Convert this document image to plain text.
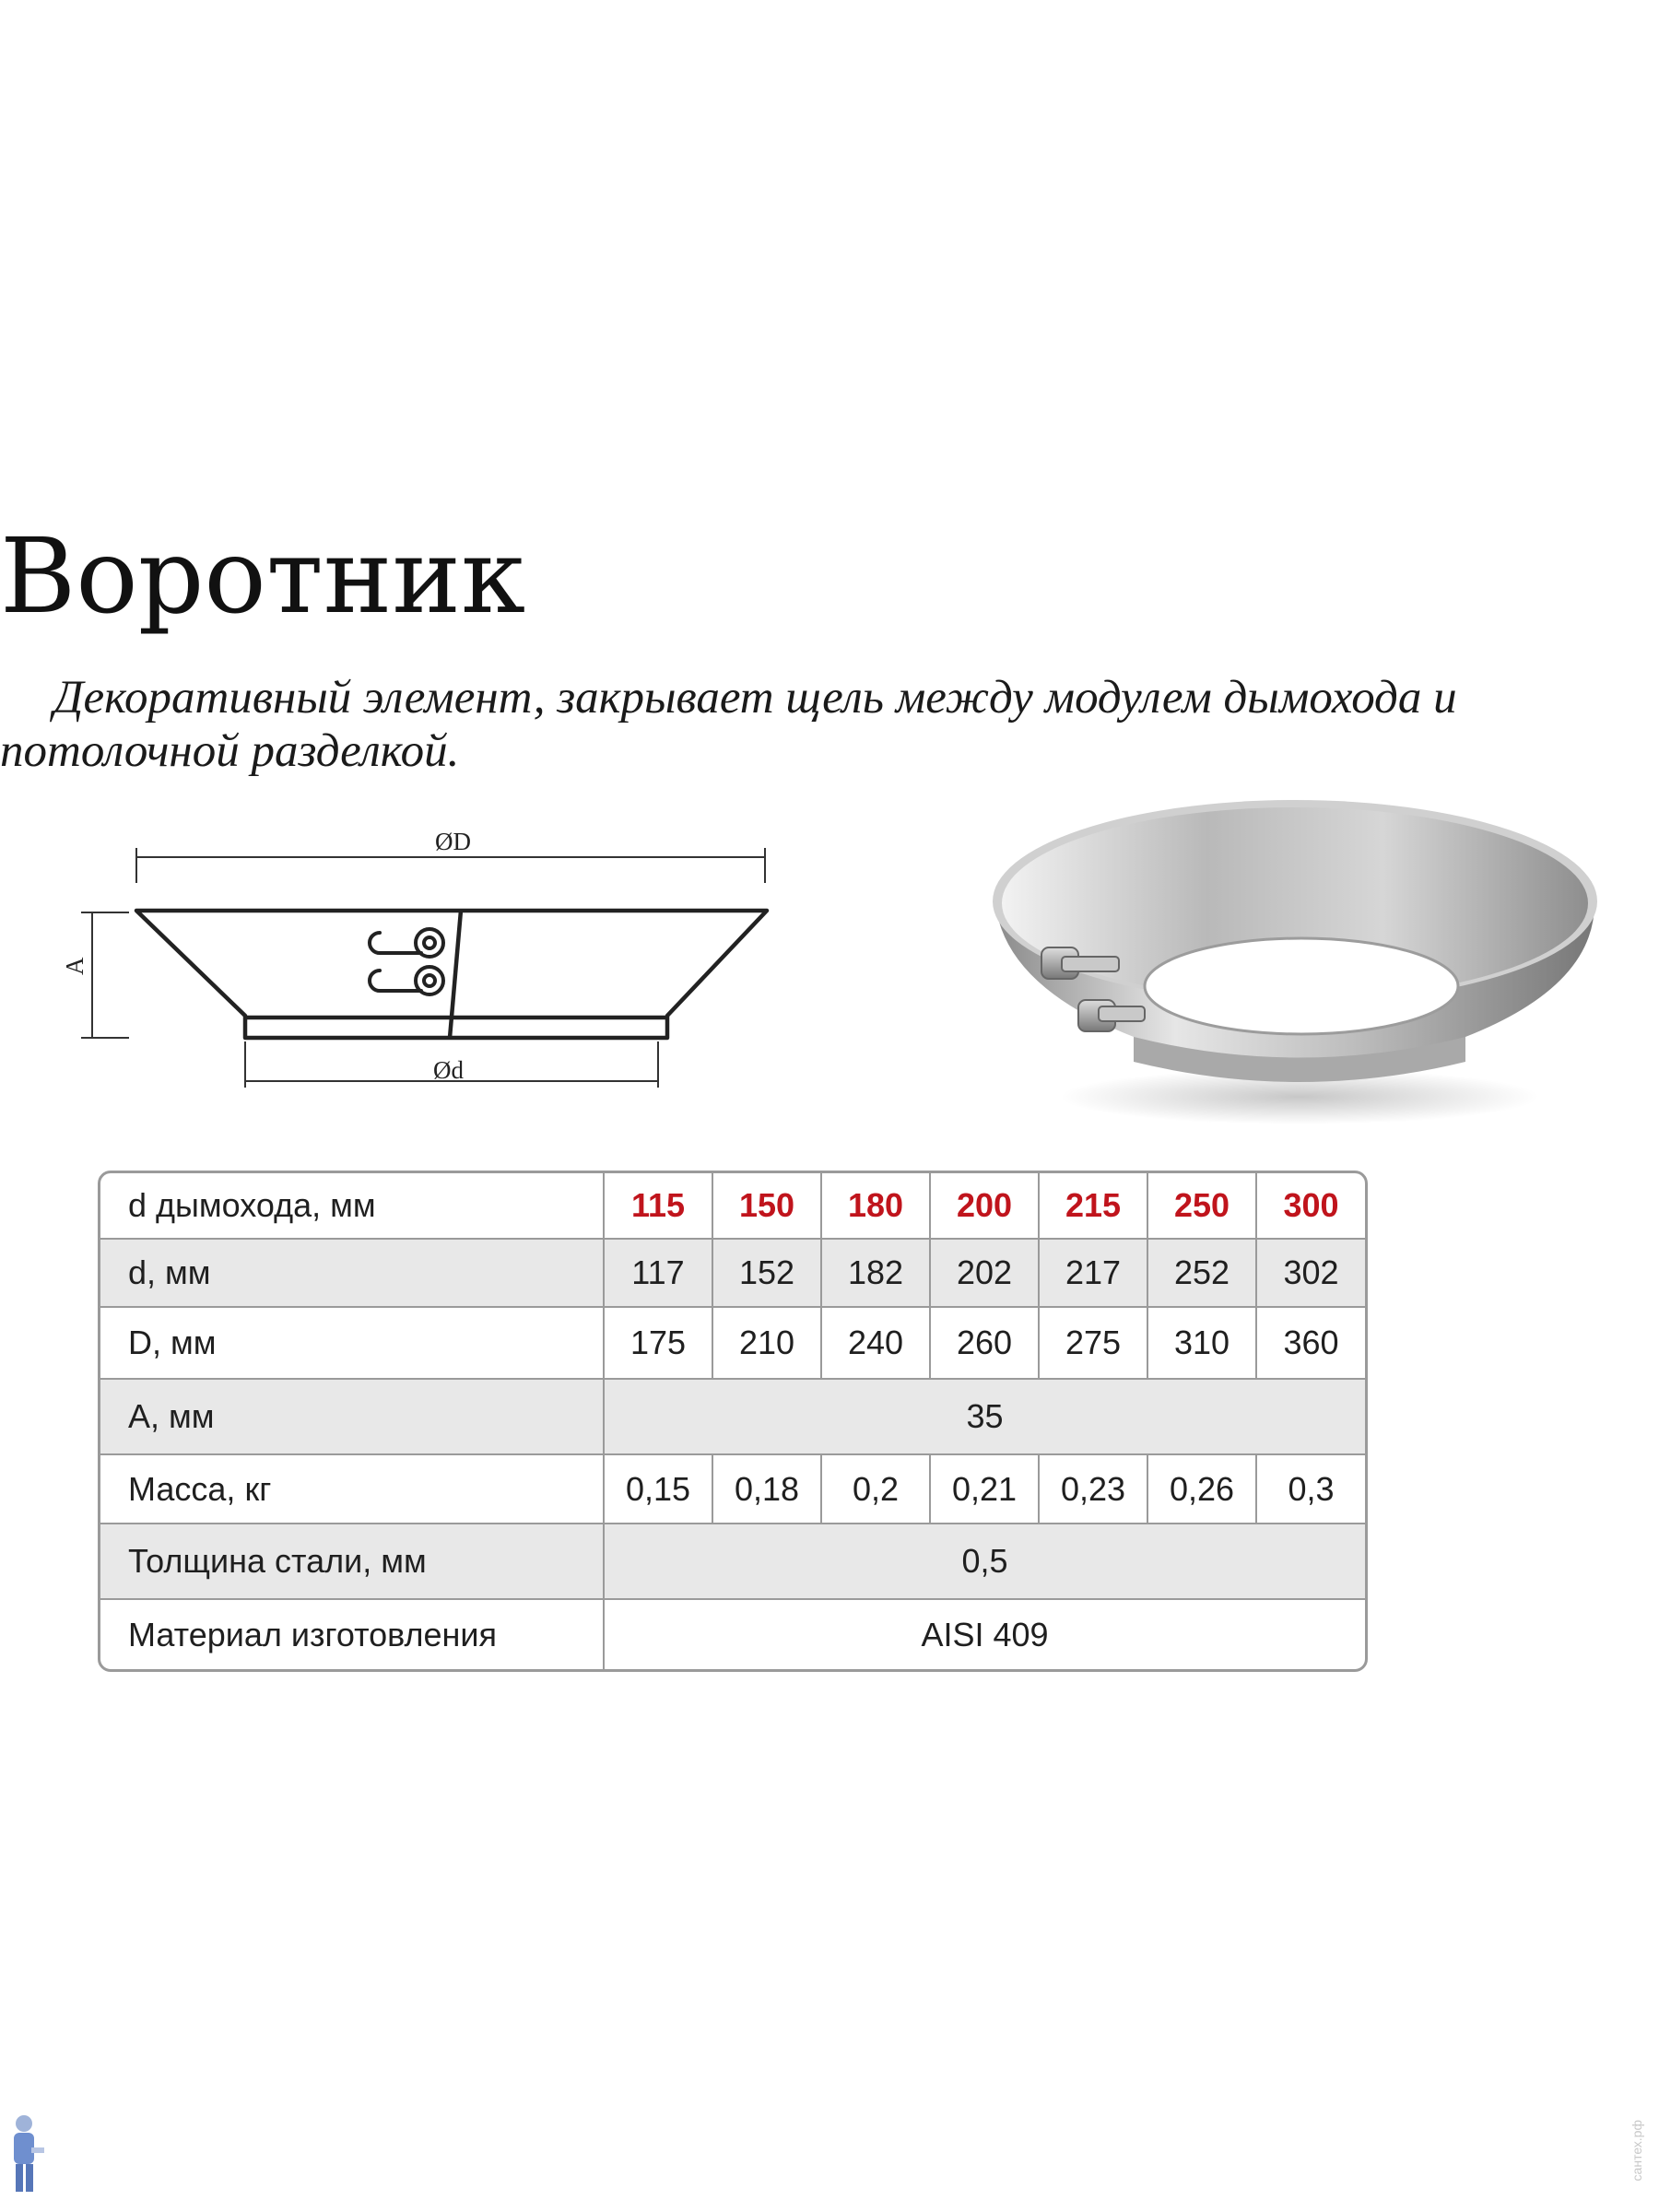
Воротник
Декоративный элемент, закрывает щель между модулем дымохода и потолочной разделкой.
ØD
Ød
A
d дымохода, мм	115	150	180	200	215	250	300
d, мм	117	152	182	202	217	252	302
D, мм	175	210	240	260	275	310	360
A, мм	35						
Масса, кг	0,15	0,18	0,2	0,21	0,23	0,26	0,3
Толщина стали, мм	0,5						
Материал изготовления	AISI 409						
сантех.рф
